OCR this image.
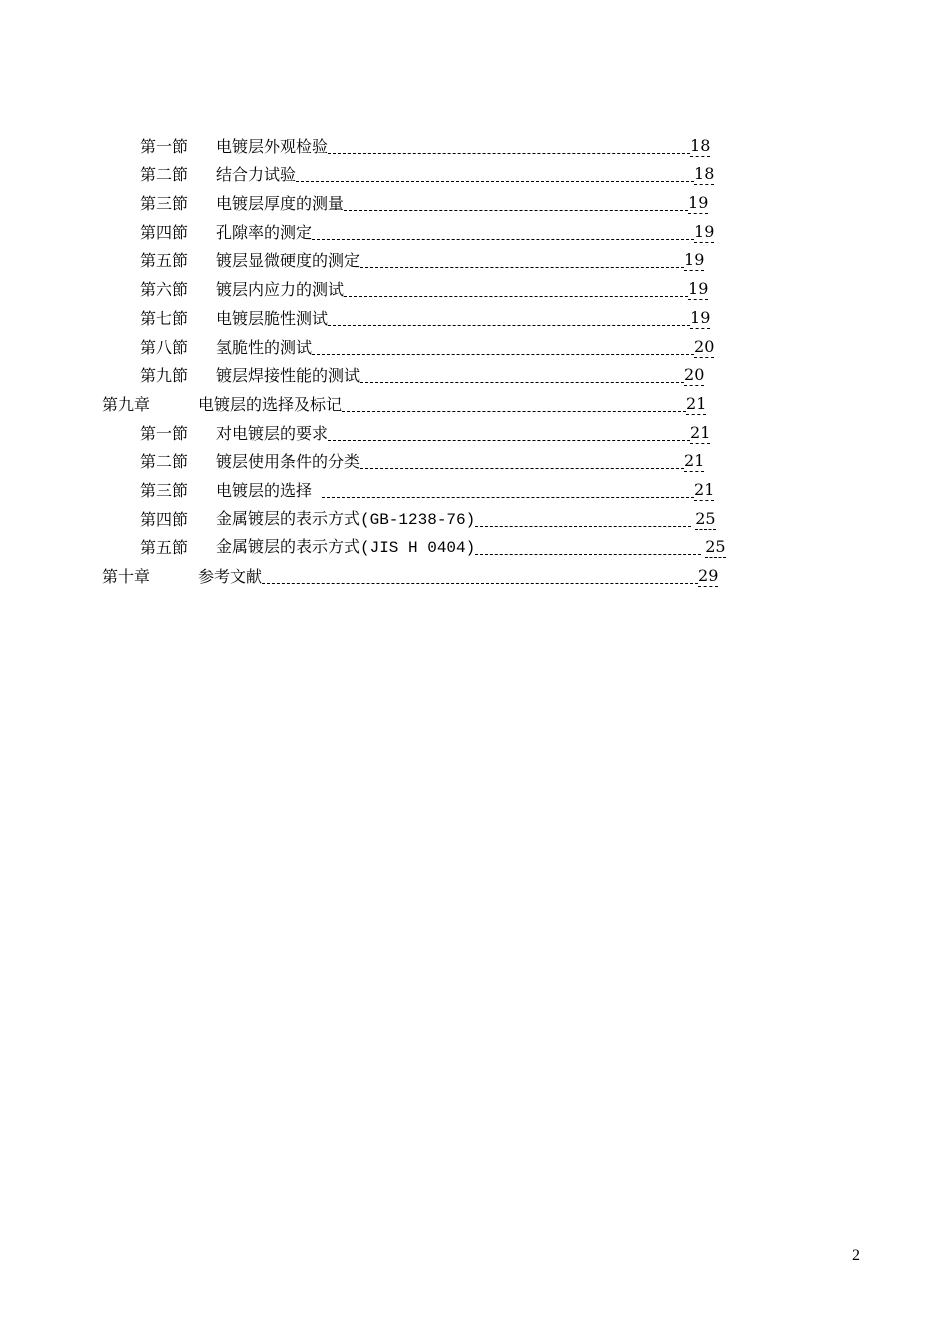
第一節	电镀层外观检验	18
第二節	结合力试验	18
第三節	电镀层厚度的测量	19
第四節	孔隙率的测定	19
第五節	镀层显微硬度的测定	19
第六節	镀层内应力的测试	19
第七節	电镀层脆性测试	19
第八節	氢脆性的测试	20
第九節	镀层焊接性能的测试	20
第九章	电镀层的选择及标记	21
第一節	对电镀层的要求	21
第二節	镀层使用条件的分类	21
第三節	电镀层的选择	21
第四節	金属镀层的表示方式(GB-1238-76)	25
第五節	金属镀层的表示方式(JIS H 0404)	25
第十章	参考文献	29
2
